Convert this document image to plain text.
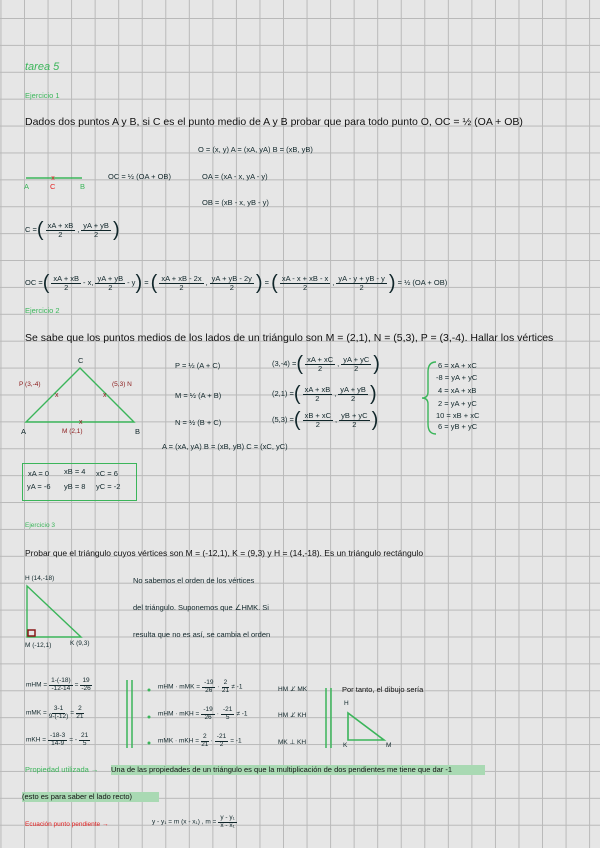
tarea 5
Ejercicio 1
Dados dos puntos A y B, si C es el punto medio de A y B probar que para todo punto O, OC = ½ (OA + OB)
O = (x, y) A = (xA, yA) B = (xB, yB)
x
x	x
x
A	C	B
OC = ½ (OA + OB)	OA = (xA - x, yA - y)
OB = (xB - x, yB - y)
C =( $\frac{xA + xB}{2}$ , $\frac{yA + yB}{2}$ )
OC =( $\frac{xA + xB}{2}$ - x, $\frac{yA + yB}{2} - y$) = ( $\frac{xA + xB - 2x}{2}$ , $\frac{yA + yB - 2y}{2}$ ) = ( $\frac{xA - x + xB - x}{2}$ , $\frac{yA - y + yB - y}{2}$ ) = ½ (OA + OB)
Ejercicio 2
Se sabe que los puntos medios de los lados de un triángulo son M = (2,1), N = (5,3), P = (3,-4). Hallar los vértices
C
A	B
P (3,-4)	(5,3) N
M (2,1)
P = ½ (A + C)
M = ½ (A + B)
N = ½ (B + C)
(3,-4) =( $\frac{xA + xC}{2}$ , $\frac{yA + yC}{2}$ )
(2,1) =( $\frac{xA + xB}{2}$ , $\frac{yA + yB}{2}$ )
(5,3) =( $\frac{xB + xC}{2}$ , $\frac{yB + yC}{2}$ )
A = (xA, yA) B = (xB, yB) C = (xC, yC)
6 = xA + xC
-8 = yA + yC
4 = xA + xB
2 = yA + yC
10 = xB + xC
6 = yB + yC
xA = 0 xB = 4 xC = 6
yA = -6 yB = 8 yC = -2
Ejercicio 3
Probar que el triángulo cuyos vértices son M = (-12,1), K = (9,3) y H = (14,-18). Es un triángulo rectángulo
H (14,-18)
M (-12,1)	K (9,3)
No sabemos el orden de los vértices
del triángulo. Suponemos que ∠HMK. Si
resulta que no es así, se cambia el orden
mHM = $\frac{1-(-18)}{-12-14} = \frac{19}{-26}$
mMK = $\frac{3-1}{9-(-12)} = \frac{2}{21}$
mKH = $\frac{-18-3}{14-9}$ = - $\frac{21}{5}$
mHM · mMK = $\frac{-19}{26} \cdot \frac{2}{21} \ne -1$
mHM · mKH = $\frac{-19}{26} \cdot \frac{-21}{5} \ne -1$
mMK · mKH = $\frac{2}{21} \cdot \frac{-21}{2} = -1$
HM ⊥̸ MK
HM ⊥̸ KH
MK ⊥ KH
Por tanto, el dibujo sería
H
K	M
Propiedad utilizada → Una de las propiedades de un triángulo es que la multiplicación de dos pendientes me tiene que dar -1
(esto es para saber el lado recto)
Ecuación punto pendiente →	y - y₁ = m (x - x₁) , $m = \frac{\text{y - y₁}}{\text{x - x₁}}$
